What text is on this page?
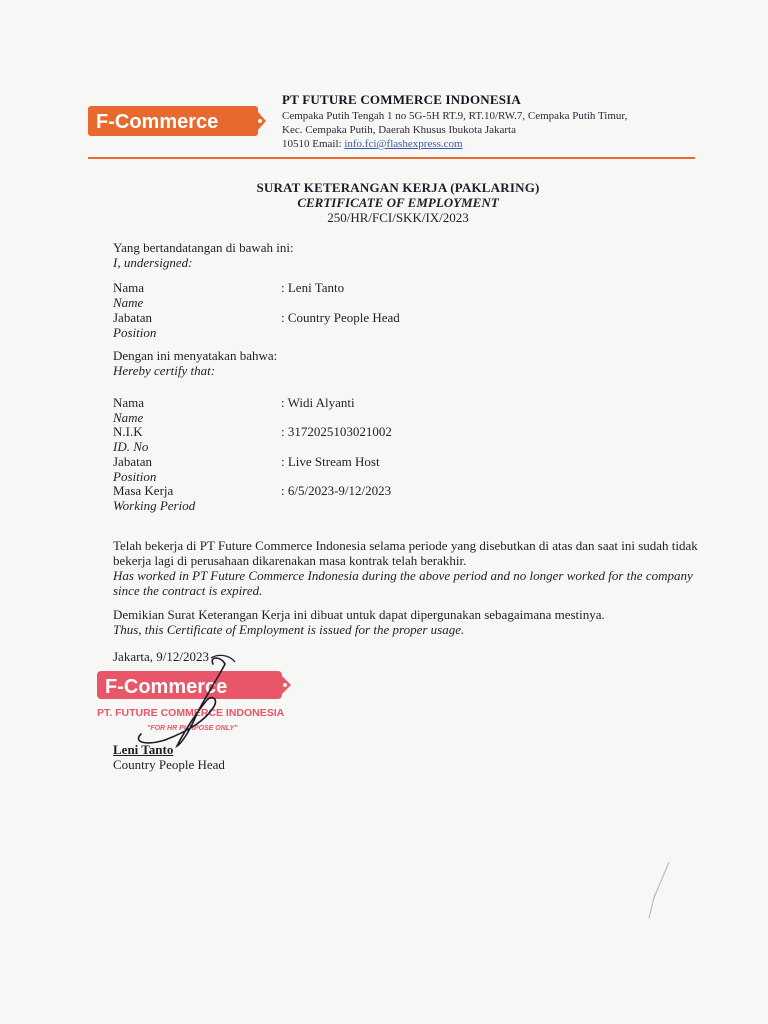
F-Commerce
PT FUTURE COMMERCE INDONESIA
Cempaka Putih Tengah 1 no 5G-5H RT.9, RT.10/RW.7, Cempaka Putih Timur,
Kec. Cempaka Putih, Daerah Khusus Ibukota Jakarta
10510 Email: info.fci@flashexpress.com
SURAT KETERANGAN KERJA (PAKLARING)
CERTIFICATE OF EMPLOYMENT
250/HR/FCI/SKK/IX/2023
Yang bertandatangan di bawah ini:
I, undersigned:
Nama
Name
: Leni Tanto
Jabatan
Position
: Country People Head
Dengan ini menyatakan bahwa:
Hereby certify that:
Nama
Name
: Widi Alyanti
N.I.K
ID. No
: 3172025103021002
Jabatan
Position
: Live Stream Host
Masa Kerja
Working Period
: 6/5/2023-9/12/2023
Telah bekerja di PT Future Commerce Indonesia selama periode yang disebutkan di atas dan saat ini sudah tidak bekerja lagi di perusahaan dikarenakan masa kontrak telah berakhir.
Has worked in PT Future Commerce Indonesia during the above period and no longer worked for the company since the contract is expired.
Demikian Surat Keterangan Kerja ini dibuat untuk dapat dipergunakan sebagaimana mestinya.
Thus, this Certificate of Employment is issued for the proper usage.
Jakarta, 9/12/2023
F-Commerce
PT. FUTURE COMMERCE INDONESIA
"FOR HR PURPOSE ONLY"
Leni Tanto
Country People Head
